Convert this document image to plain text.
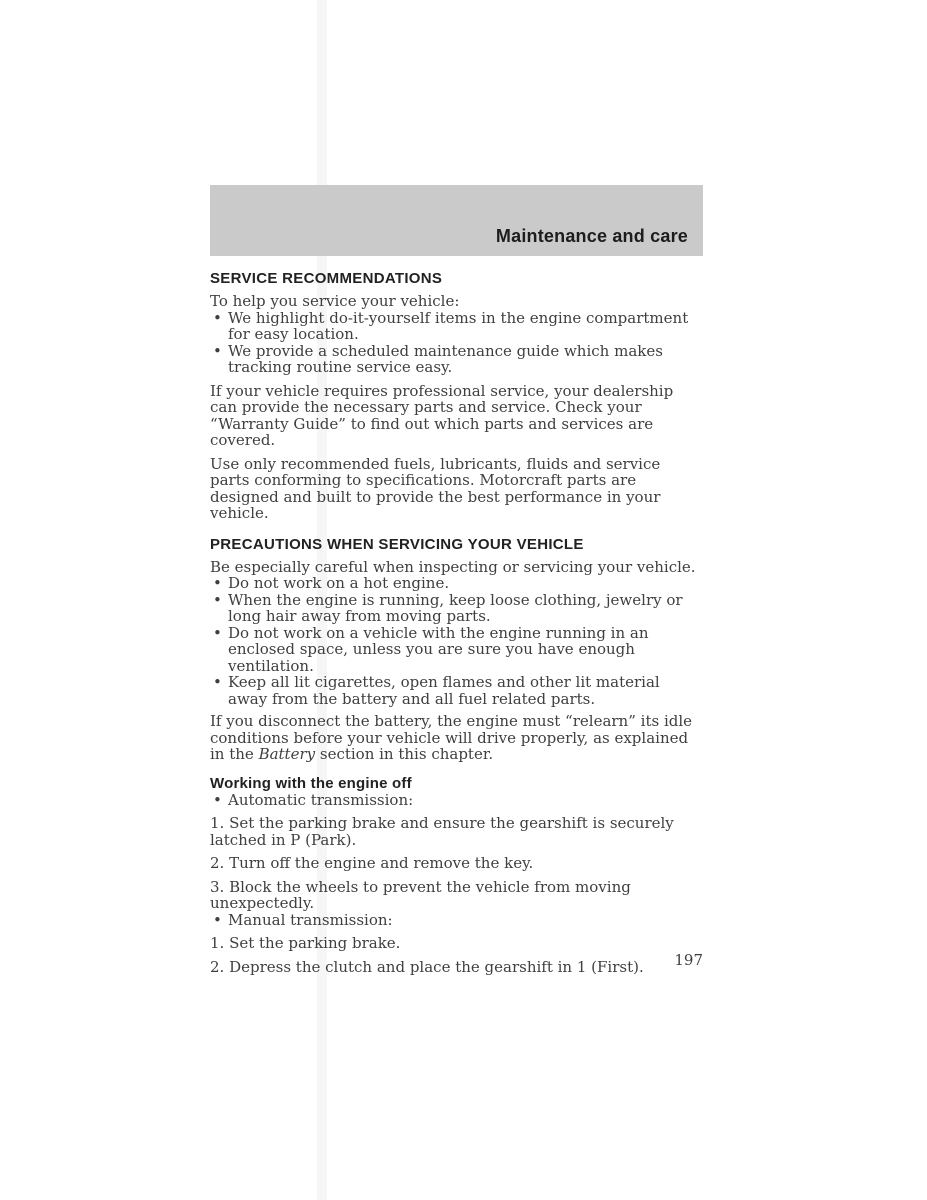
Maintenance and care
SERVICE RECOMMENDATIONS

To help you service your vehicle:

• We highlight do-it-yourself items in the engine compartment for easy location.
• We provide a scheduled maintenance guide which makes tracking routine service easy.

If your vehicle requires professional service, your dealership can provide the necessary parts and service. Check your “Warranty Guide” to find out which parts and services are covered.

Use only recommended fuels, lubricants, fluids and service parts conforming to specifications. Motorcraft parts are designed and built to provide the best performance in your vehicle.

PRECAUTIONS WHEN SERVICING YOUR VEHICLE

Be especially careful when inspecting or servicing your vehicle.

• Do not work on a hot engine.
• When the engine is running, keep loose clothing, jewelry or long hair away from moving parts.
• Do not work on a vehicle with the engine running in an enclosed space, unless you are sure you have enough ventilation.
• Keep all lit cigarettes, open flames and other lit material away from the battery and all fuel related parts.

If you disconnect the battery, the engine must “relearn” its idle conditions before your vehicle will drive properly, as explained in the Battery section in this chapter.

Working with the engine off
• Automatic transmission:

1. Set the parking brake and ensure the gearshift is securely latched in P (Park).

2. Turn off the engine and remove the key.

3. Block the wheels to prevent the vehicle from moving unexpectedly.

• Manual transmission:

1. Set the parking brake.

2. Depress the clutch and place the gearshift in 1 (First).	197
